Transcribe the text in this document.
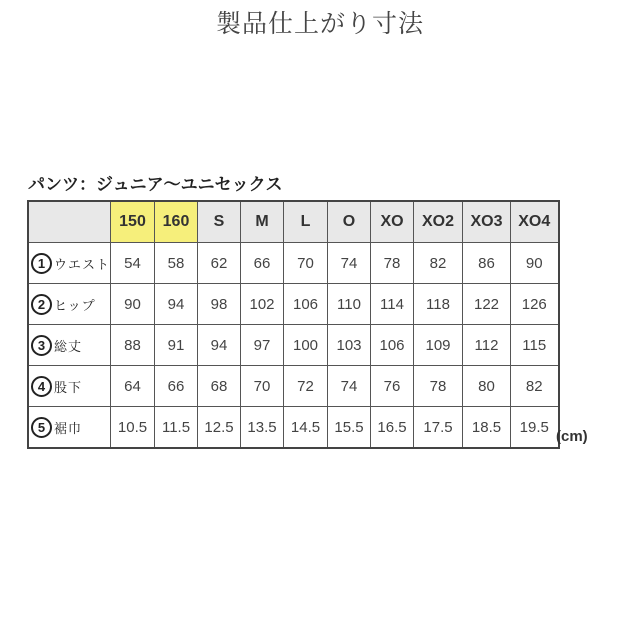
製品仕上がり寸法
パンツ：ジュニア〜ユニセックス
	150	160	S	M	L	O	XO	XO2	XO3	XO4
1 ウエスト	54	58	62	66	70	74	78	82	86	90
2 ヒップ	90	94	98	102	106	110	114	118	122	126
3 総丈	88	91	94	97	100	103	106	109	112	115
4 股下	64	66	68	70	72	74	76	78	80	82
5 裾巾	10.5	11.5	12.5	13.5	14.5	15.5	16.5	17.5	18.5	19.5
(cm)
